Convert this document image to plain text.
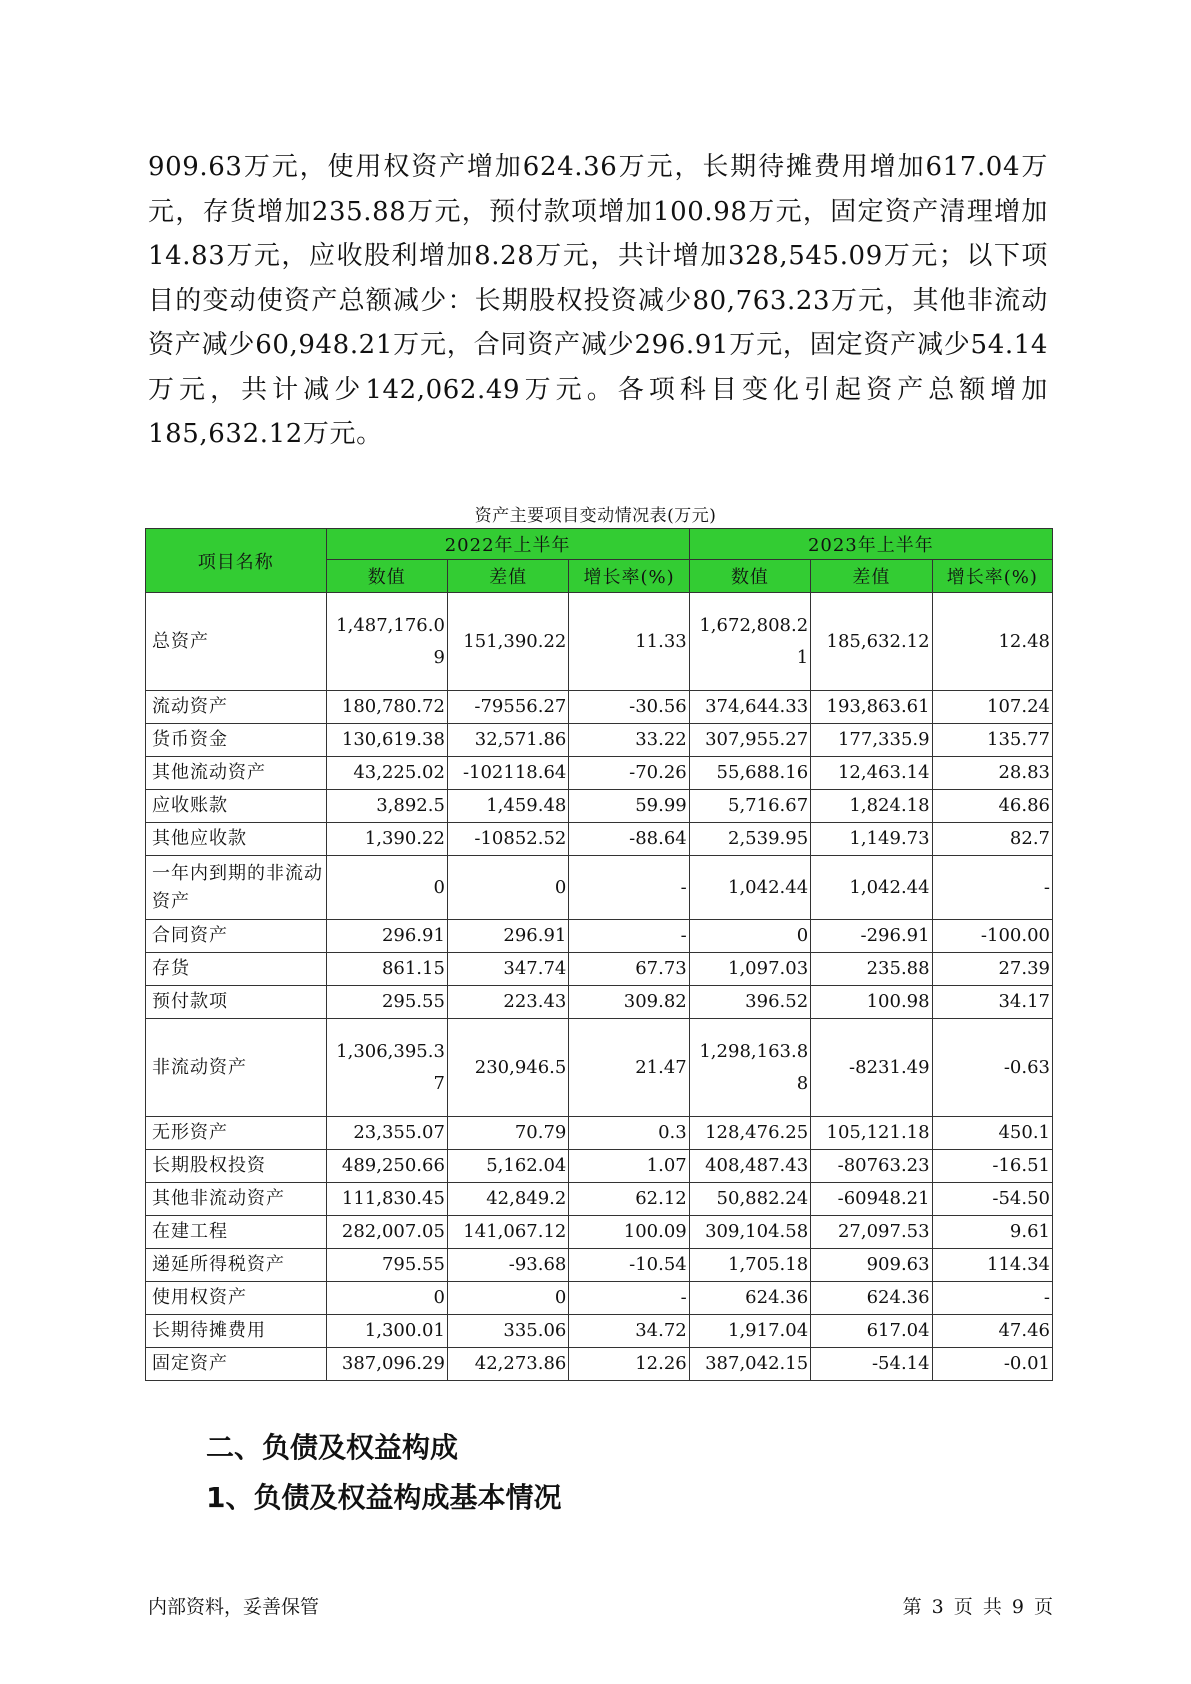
909.63万元，使用权资产增加624.36万元，长期待摊费用增加617.04万元，存货增加235.88万元，预付款项增加100.98万元，固定资产清理增加14.83万元，应收股利增加8.28万元，共计增加328,545.09万元；以下项目的变动使资产总额减少：长期股权投资减少80,763.23万元，其他非流动资产减少60,948.21万元，合同资产减少296.91万元，固定资产减少54.14万元，共计减少142,062.49万元。各项科目变化引起资产总额增加185,632.12万元。

资产主要项目变动情况表(万元)
项目名称	2022年上半年			2023年上半年		
	数值	差值	增长率(%)	数值	差值	增长率(%)
总资产	1,487,176.09	151,390.22	11.33	1,672,808.21	185,632.12	12.48
流动资产	180,780.72	-79556.27	-30.56	374,644.33	193,863.61	107.24
货币资金	130,619.38	32,571.86	33.22	307,955.27	177,335.9	135.77
其他流动资产	43,225.02	-102118.64	-70.26	55,688.16	12,463.14	28.83
应收账款	3,892.5	1,459.48	59.99	5,716.67	1,824.18	46.86
其他应收款	1,390.22	-10852.52	-88.64	2,539.95	1,149.73	82.7
一年内到期的非流动资产	0	0	-	1,042.44	1,042.44	-
合同资产	296.91	296.91	-	0	-296.91	-100.00
存货	861.15	347.74	67.73	1,097.03	235.88	27.39
预付款项	295.55	223.43	309.82	396.52	100.98	34.17
非流动资产	1,306,395.37	230,946.5	21.47	1,298,163.88	-8231.49	-0.63
无形资产	23,355.07	70.79	0.3	128,476.25	105,121.18	450.1
长期股权投资	489,250.66	5,162.04	1.07	408,487.43	-80763.23	-16.51
其他非流动资产	111,830.45	42,849.2	62.12	50,882.24	-60948.21	-54.50
在建工程	282,007.05	141,067.12	100.09	309,104.58	27,097.53	9.61
递延所得税资产	795.55	-93.68	-10.54	1,705.18	909.63	114.34
使用权资产	0	0	-	624.36	624.36	-
长期待摊费用	1,300.01	335.06	34.72	1,917.04	617.04	47.46
固定资产	387,096.29	42,273.86	12.26	387,042.15	-54.14	-0.01
二、负债及权益构成
1、负债及权益构成基本情况
内部资料，妥善保管	第 3 页 共 9 页
